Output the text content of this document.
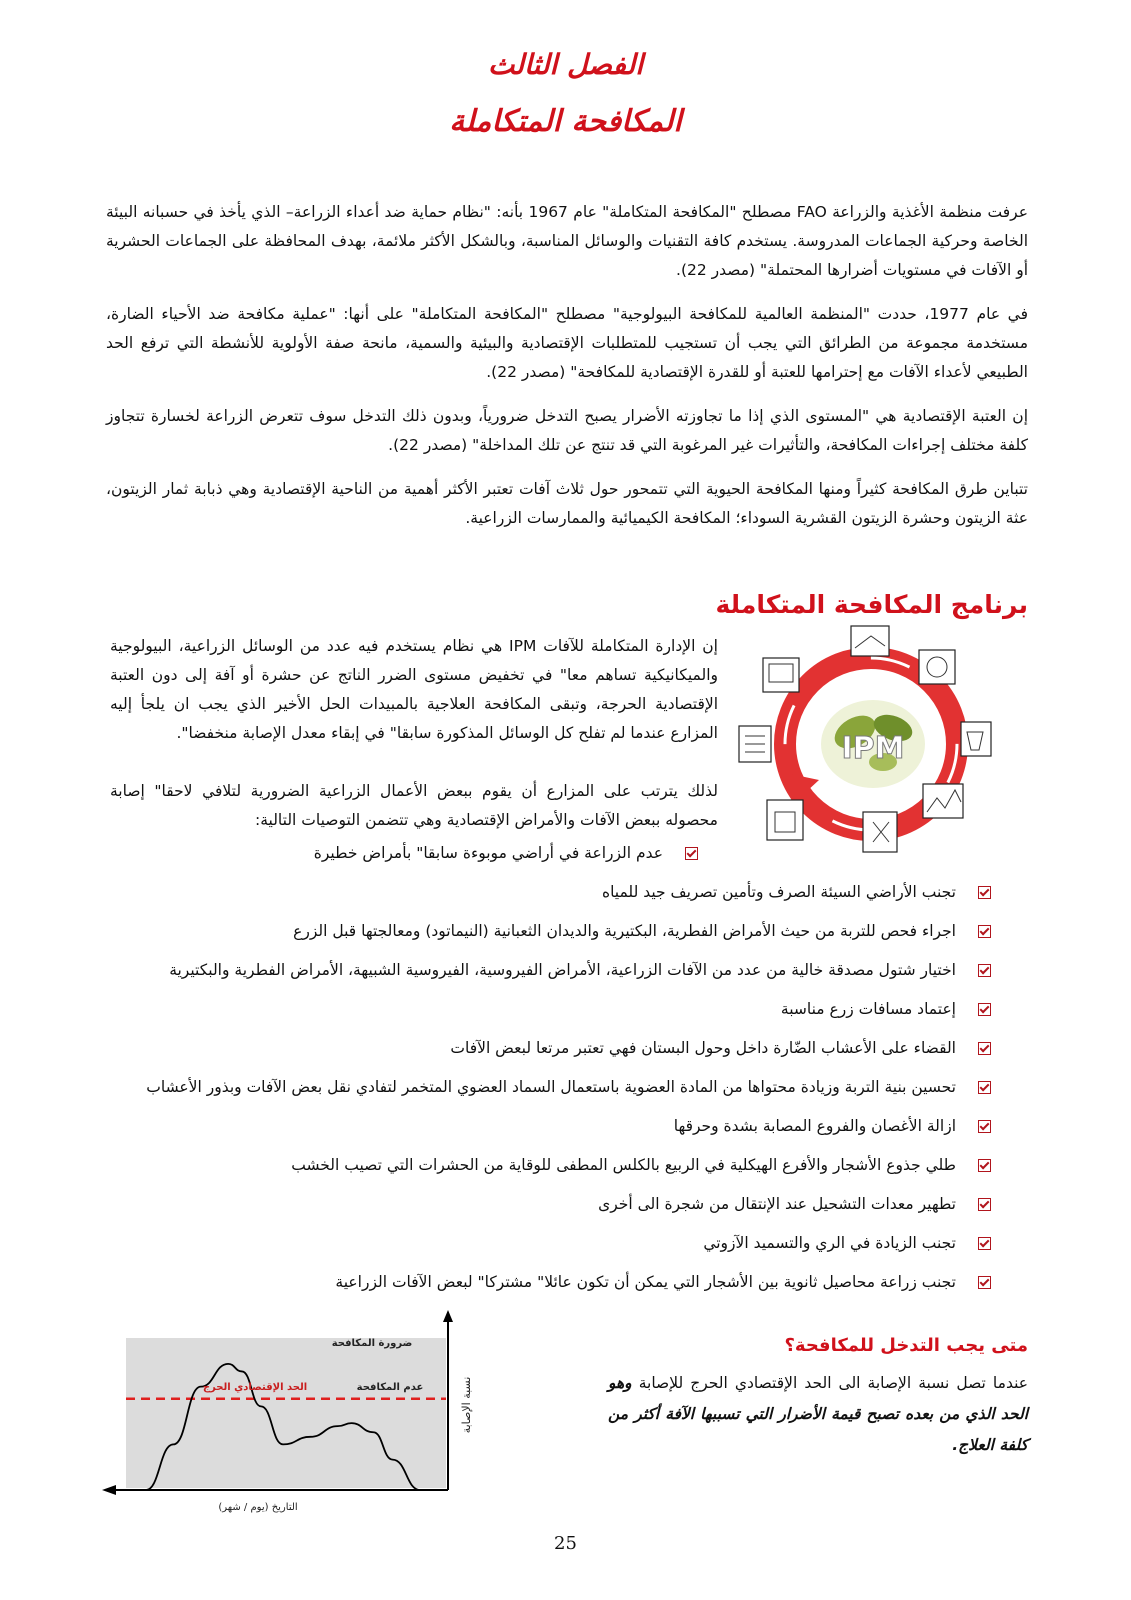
الفصل الثالث
المكافحة المتكاملة
عرفت منظمة الأغذية والزراعة FAO مصطلح "المكافحة المتكاملة" عام 1967 بأنه: "نظام حماية ضد أعداء الزراعة– الذي يأخذ في حسبانه البيئة الخاصة وحركية الجماعات المدروسة. يستخدم كافة التقنيات والوسائل المناسبة، وبالشكل الأكثر ملائمة، بهدف المحافظة على الجماعات الحشرية أو الآفات في مستويات أضرارها المحتملة" (مصدر 22).
في عام 1977، حددت "المنظمة العالمية للمكافحة البيولوجية" مصطلح "المكافحة المتكاملة" على أنها: "عملية مكافحة ضد الأحياء الضارة، مستخدمة مجموعة من الطرائق التي يجب أن تستجيب للمتطلبات الإقتصادية والبيئية والسمية، مانحة صفة الأولوية للأنشطة التي ترفع الحد الطبيعي لأعداء الآفات مع إحترامها للعتبة أو للقدرة الإقتصادية للمكافحة" (مصدر 22).
إن العتبة الإقتصادية هي "المستوى الذي إذا ما تجاوزته الأضرار يصبح التدخل ضرورياً، وبدون ذلك التدخل سوف تتعرض الزراعة لخسارة تتجاوز كلفة مختلف إجراءات المكافحة، والتأثيرات غير المرغوبة التي قد تنتج عن تلك المداخلة" (مصدر 22).
تتباين طرق المكافحة كثيراً ومنها المكافحة الحيوية التي تتمحور حول ثلاث آفات تعتبر الأكثر أهمية من الناحية الإقتصادية وهي ذبابة ثمار الزيتون، عثة الزيتون وحشرة الزيتون القشرية السوداء؛ المكافحة الكيميائية والممارسات الزراعية.
برنامج المكافحة المتكاملة
إن الإدارة المتكاملة للآفات IPM هي نظام يستخدم فيه عدد من الوسائل الزراعية، البيولوجية والميكانيكية تساهم معا" في تخفيض مستوى الضرر الناتج عن حشرة أو آفة إلى دون العتبة الإقتصادية الحرجة، وتبقى المكافحة العلاجية بالمبيدات الحل الأخير الذي يجب ان يلجأ إليه المزارع عندما لم تفلح كل الوسائل المذكورة سابقا" في إبقاء معدل الإصابة منخفضا".
لذلك يترتب على المزارع أن يقوم ببعض الأعمال الزراعية الضرورية لتلافي لاحقا" إصابة محصوله ببعض الآفات والأمراض الإقتصادية وهي تتضمن التوصيات التالية:
IPM
عدم الزراعة في أراضي موبوءة سابقا" بأمراض خطيرة
تجنب الأراضي السيئة الصرف وتأمين تصريف جيد للمياه
اجراء فحص للتربة من حيث الأمراض الفطرية، البكتيرية والديدان الثعبانية (النيماتود) ومعالجتها قبل الزرع
اختيار شتول مصدقة خالية من عدد من الآفات الزراعية، الأمراض الفيروسية، الفيروسية الشبيهة، الأمراض الفطرية والبكتيرية
إعتماد مسافات زرع مناسبة
القضاء على الأعشاب الضّارة داخل وحول البستان فهي تعتبر مرتعا لبعض الآفات
تحسين بنية التربة وزيادة محتواها من المادة العضوية باستعمال السماد العضوي المتخمر لتفادي نقل بعض الآفات وبذور الأعشاب
ازالة الأغصان والفروع المصابة بشدة وحرقها
طلي جذوع الأشجار والأفرع الهيكلية في الربيع بالكلس المطفى للوقاية من الحشرات التي تصيب الخشب
تطهير معدات التشحيل عند الإنتقال من شجرة الى أخرى
تجنب الزيادة في الري والتسميد الآزوتي
تجنب زراعة محاصيل ثانوية بين الأشجار التي يمكن أن تكون عائلا" مشتركا" لبعض الآفات الزراعية
متى يجب التدخل للمكافحة؟
عندما تصل نسبة الإصابة الى الحد الإقتصادي الحرج للإصابة وهو الحد الذي من بعده تصبح قيمة الأضرار التي تسببها الآفة أكثر من كلفة العلاج.
ضرورة المكافحة
الحد الإقتصادي الحرج	عدم المكافحة
التاريخ (يوم / شهر)
نسبة الإصابة
25
